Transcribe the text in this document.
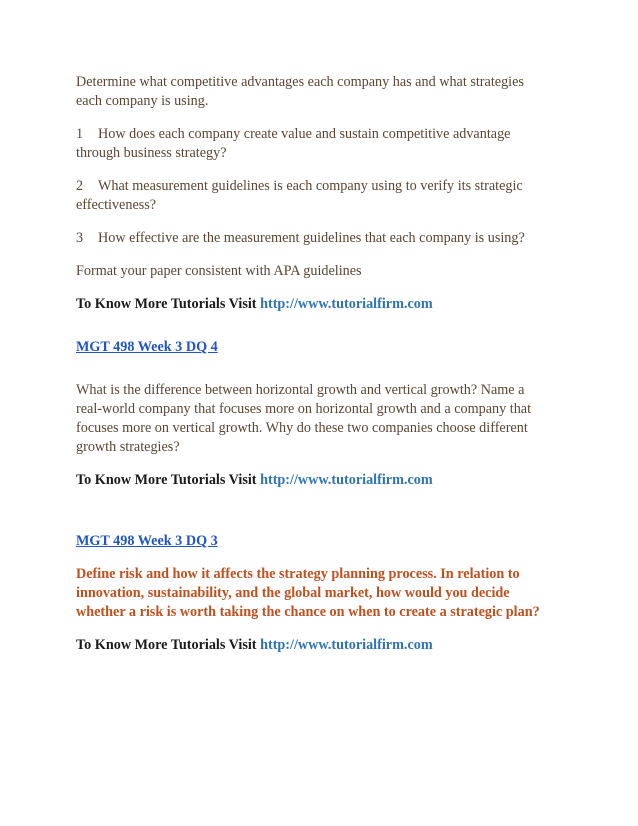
Determine what competitive advantages each company has and what strategies

each company is using.

1 How does each company create value and sustain competitive advantage

through business strategy?

2 What measurement guidelines is each company using to verify its strategic

effectiveness?

3 How effective are the measurement guidelines that each company is using?

Format your paper consistent with APA guidelines

To Know More Tutorials Visit http://www.tutorialfirm.com

MGT 498 Week 3 DQ 4

What is the difference between horizontal growth and vertical growth? Name a

real-world company that focuses more on horizontal growth and a company that

focuses more on vertical growth. Why do these two companies choose different

growth strategies?

To Know More Tutorials Visit http://www.tutorialfirm.com

MGT 498 Week 3 DQ 3

Define risk and how it affects the strategy planning process. In relation to

innovation, sustainability, and the global market, how would you decide

whether a risk is worth taking the chance on when to create a strategic plan?

To Know More Tutorials Visit http://www.tutorialfirm.com
